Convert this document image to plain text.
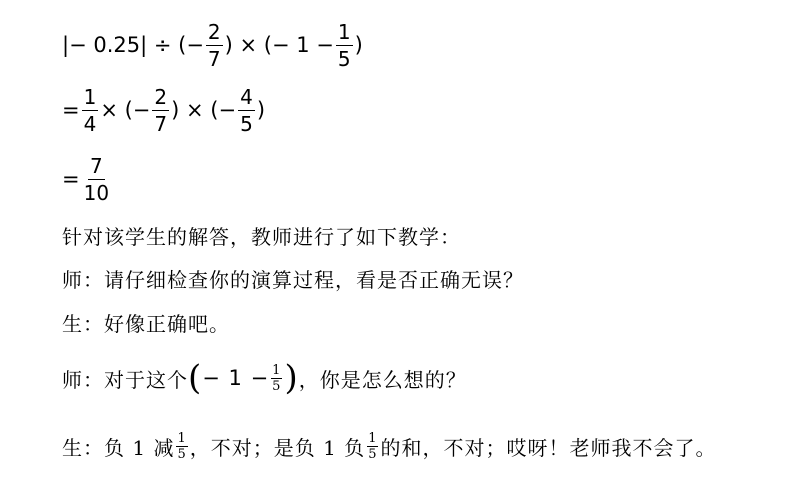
|− 0.25| ÷ (− $\frac{2}{7}$ ) × (− $1 - \frac{1}{5}$ )
= $\frac{1}{4}$ × (− $\frac{2}{7}$ ) × (− $\frac{4}{5}$ )
= $\frac{7}{10}$
针对该学生的解答，教师进行了如下教学：
师：请仔细检查你的演算过程，看是否正确无误？
生：好像正确吧。
师：对于这个 ( − $1 - \frac{1}{5}$ ) ，你是怎么想的？
生：负 1 减 $\frac{1}{5}$ ，不对；是负 1 负 $\frac{1}{5}$ 的和，不对；哎呀！老师我不会了。
